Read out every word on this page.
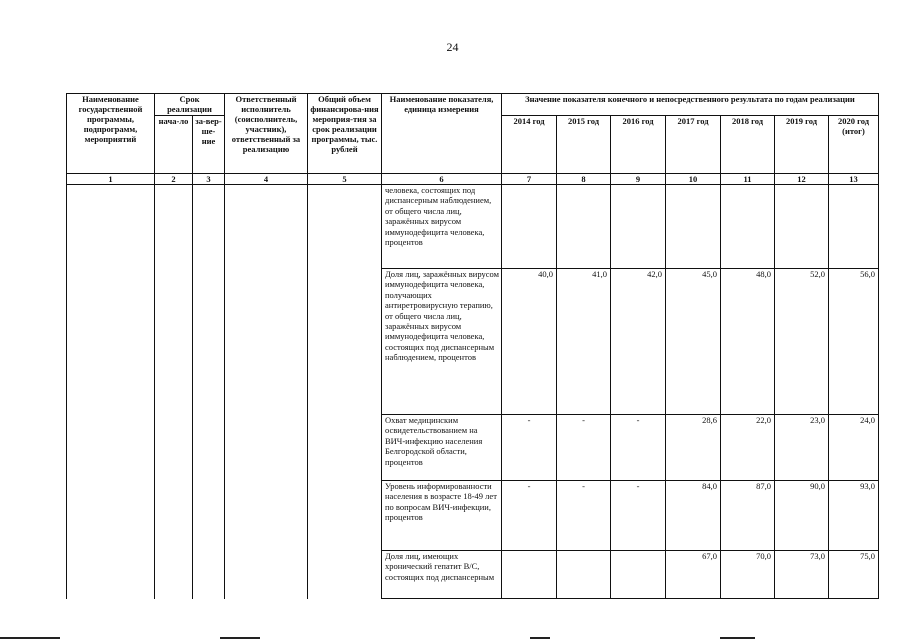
24
Наименование государственной программы, подпрограмм, мероприятий	Срок реализации		Ответственный исполнитель (соисполнитель, участник), ответственный за реализацию	Общий объем финансирова-ния мероприя-тия за срок реализации программы, тыс. рублей	Наименование показателя, единица измерения	Значение показателя конечного и непосредственного результата по годам реализации						
	нача-ло	за-вер-ше-ние				2014 год	2015 год	2016 год	2017 год	2018 год	2019 год	2020 год (итог)
1	2	3	4	5	6	7	8	9	10	11	12	13
					человека, состоящих под диспансерным наблюдением, от общего числа лиц, заражённых вирусом иммунодефицита человека, процентов							
					Доля лиц, заражённых вирусом иммунодефицита человека, получающих антиретровирусную терапию, от общего числа лиц, заражённых вирусом иммунодефицита человека, состоящих под диспансерным наблюдением, процентов	40,0	41,0	42,0	45,0	48,0	52,0	56,0
					Охват медицинским освидетельствованием на ВИЧ-инфекцию населения Белгородской области, процентов	-	-	-	28,6	22,0	23,0	24,0
					Уровень информированности населения в возрасте 18-49 лет по вопросам ВИЧ-инфекции, процентов	-	-	-	84,0	87,0	90,0	93,0
					Доля лиц, имеющих хронический гепатит В/С, состоящих под диспансерным				67,0	70,0	73,0	75,0
